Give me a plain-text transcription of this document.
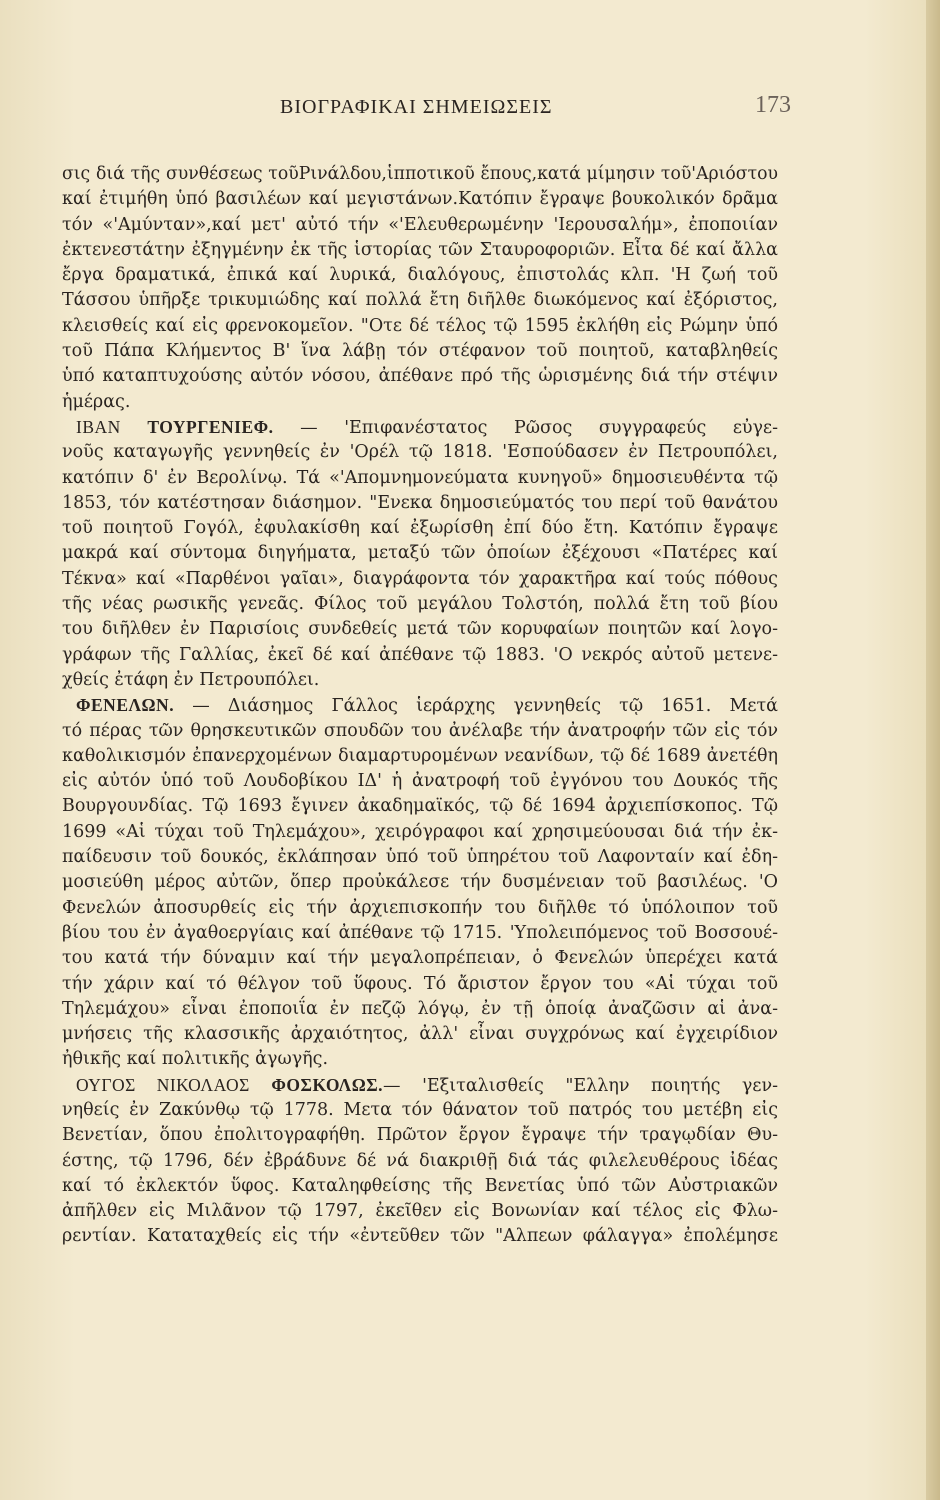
ΒΙΟΓΡΑΦΙΚΑΙ ΣΗΜΕΙΩΣΕΙΣ	173
σις διά τῆς συνθέσεως τοῦΡινάλδου,ἱπποτικοῦ ἔπους,κατά μίμησιν τοῦ'Αριόστου
καί ἐτιμήθη ὑπό βασιλέων καί μεγιστάνων.Κατόπιν ἔγραψε βουκολικόν δρᾶμα
τόν «'Αμύνταν»,καί μετ' αὐτό τήν «'Ελευθερωμένην 'Ιερουσαλήμ», ἐποποιίαν
ἐκτενεστάτην ἐξηγμένην ἐκ τῆς ἱστορίας τῶν Σταυροφοριῶν. Εἶτα δέ καί ἄλλα
ἔργα δραματικά, ἐπικά καί λυρικά, διαλόγους, ἐπιστολάς κλπ. 'Η ζωή τοῦ
Τάσσου ὑπῆρξε τρικυμιώδης καί πολλά ἔτη διῆλθε διωκόμενος καί ἐξόριστος,
κλεισθείς καί εἰς φρενοκομεῖον. "Οτε δέ τέλος τῷ 1595 ἐκλήθη εἰς Ρώμην ὑπό
τοῦ Πάπα Κλήμεντος Β' ἵνα λάβῃ τόν στέφανον τοῦ ποιητοῦ, καταβληθείς
ὑπό καταπτυχούσης αὐτόν νόσου, ἀπέθανε πρό τῆς ὡρισμένης διά τήν στέψιν
ἡμέρας.
ΙΒΑΝ ΤΟΥΡΓΕΝΙΕΦ. — 'Επιφανέστατος Ρῶσος συγγραφεύς εὐγε-
νοῦς καταγωγῆς γεννηθείς ἐν 'Ορέλ τῷ 1818. 'Εσπούδασεν ἐν Πετρουπόλει,
κατόπιν δ' ἐν Βερολίνῳ. Τά «'Απομνημονεύματα κυνηγοῦ» δημοσιευθέντα τῷ
1853, τόν κατέστησαν διάσημον. "Ενεκα δημοσιεύματός του περί τοῦ θανάτου
τοῦ ποιητοῦ Γογόλ, ἐφυλακίσθη καί ἐξωρίσθη ἐπί δύο ἔτη. Κατόπιν ἔγραψε
μακρά καί σύντομα διηγήματα, μεταξύ τῶν ὁποίων ἐξέχουσι «Πατέρες καί
Τέκνα» καί «Παρθένοι γαῖαι», διαγράφοντα τόν χαρακτῆρα καί τούς πόθους
τῆς νέας ρωσικῆς γενεᾶς. Φίλος τοῦ μεγάλου Τολστόη, πολλά ἔτη τοῦ βίου
του διῆλθεν ἐν Παρισίοις συνδεθείς μετά τῶν κορυφαίων ποιητῶν καί λογο-
γράφων τῆς Γαλλίας, ἐκεῖ δέ καί ἀπέθανε τῷ 1883. 'Ο νεκρός αὐτοῦ μετενε-
χθείς ἐτάφη ἐν Πετρουπόλει.
ΦΕΝΕΛΩΝ. — Διάσημος Γάλλος ἱεράρχης γεννηθείς τῷ 1651. Μετά
τό πέρας τῶν θρησκευτικῶν σπουδῶν του ἀνέλαβε τήν ἀνατροφήν τῶν εἰς τόν
καθολικισμόν ἐπανερχομένων διαμαρτυρομένων νεανίδων, τῷ δέ 1689 ἀνετέθη
εἰς αὐτόν ὑπό τοῦ Λουδοβίκου ΙΔ' ἡ ἀνατροφή τοῦ ἐγγόνου του Δουκός τῆς
Βουργουνδίας. Τῷ 1693 ἔγινεν ἀκαδημαϊκός, τῷ δέ 1694 ἀρχιεπίσκοπος. Τῷ
1699 «Αἱ τύχαι τοῦ Τηλεμάχου», χειρόγραφοι καί χρησιμεύουσαι διά τήν ἐκ-
παίδευσιν τοῦ δουκός, ἐκλάπησαν ὑπό τοῦ ὑπηρέτου τοῦ Λαφονταίν καί ἐδη-
μοσιεύθη μέρος αὐτῶν, ὅπερ προὐκάλεσε τήν δυσμένειαν τοῦ βασιλέως. 'Ο
Φενελών ἀποσυρθείς εἰς τήν ἀρχιεπισκοπήν του διῆλθε τό ὑπόλοιπον τοῦ
βίου του ἐν ἀγαθοεργίαις καί ἀπέθανε τῷ 1715. 'Υπολειπόμενος τοῦ Βοσσουέ-
του κατά τήν δύναμιν καί τήν μεγαλοπρέπειαν, ὁ Φενελών ὑπερέχει κατά
τήν χάριν καί τό θέλγον τοῦ ὕφους. Τό ἄριστον ἔργον του «Αἱ τύχαι τοῦ
Τηλεμάχου» εἶναι ἐποποιΐα ἐν πεζῷ λόγῳ, ἐν τῇ ὁποίᾳ ἀναζῶσιν αἱ ἀνα-
μνήσεις τῆς κλασσικῆς ἀρχαιότητος, ἀλλ' εἶναι συγχρόνως καί ἐγχειρίδιον
ἠθικῆς καί πολιτικῆς ἀγωγῆς.
ΟΥΓΟΣ ΝΙΚΟΛΑΟΣ ΦΟΣΚΟΛΩΣ.— 'Εξιταλισθείς "Ελλην ποιητής γεν-
νηθείς ἐν Ζακύνθῳ τῷ 1778. Μετα τόν θάνατον τοῦ πατρός του μετέβη εἰς
Βενετίαν, ὅπου ἐπολιτογραφήθη. Πρῶτον ἔργον ἔγραψε τήν τραγῳδίαν Θυ-
έστης, τῷ 1796, δέν ἐβράδυνε δέ νά διακριθῇ διά τάς φιλελευθέρους ἰδέας
καί τό ἐκλεκτόν ὕφος. Καταληφθείσης τῆς Βενετίας ὑπό τῶν Αὐστριακῶν
ἀπῆλθεν εἰς Μιλᾶνον τῷ 1797, ἐκεῖθεν εἰς Βονωνίαν καί τέλος εἰς Φλω-
ρεντίαν. Καταταχθείς εἰς τήν «ἐντεῦθεν τῶν "Αλπεων φάλαγγα» ἐπολέμησε
